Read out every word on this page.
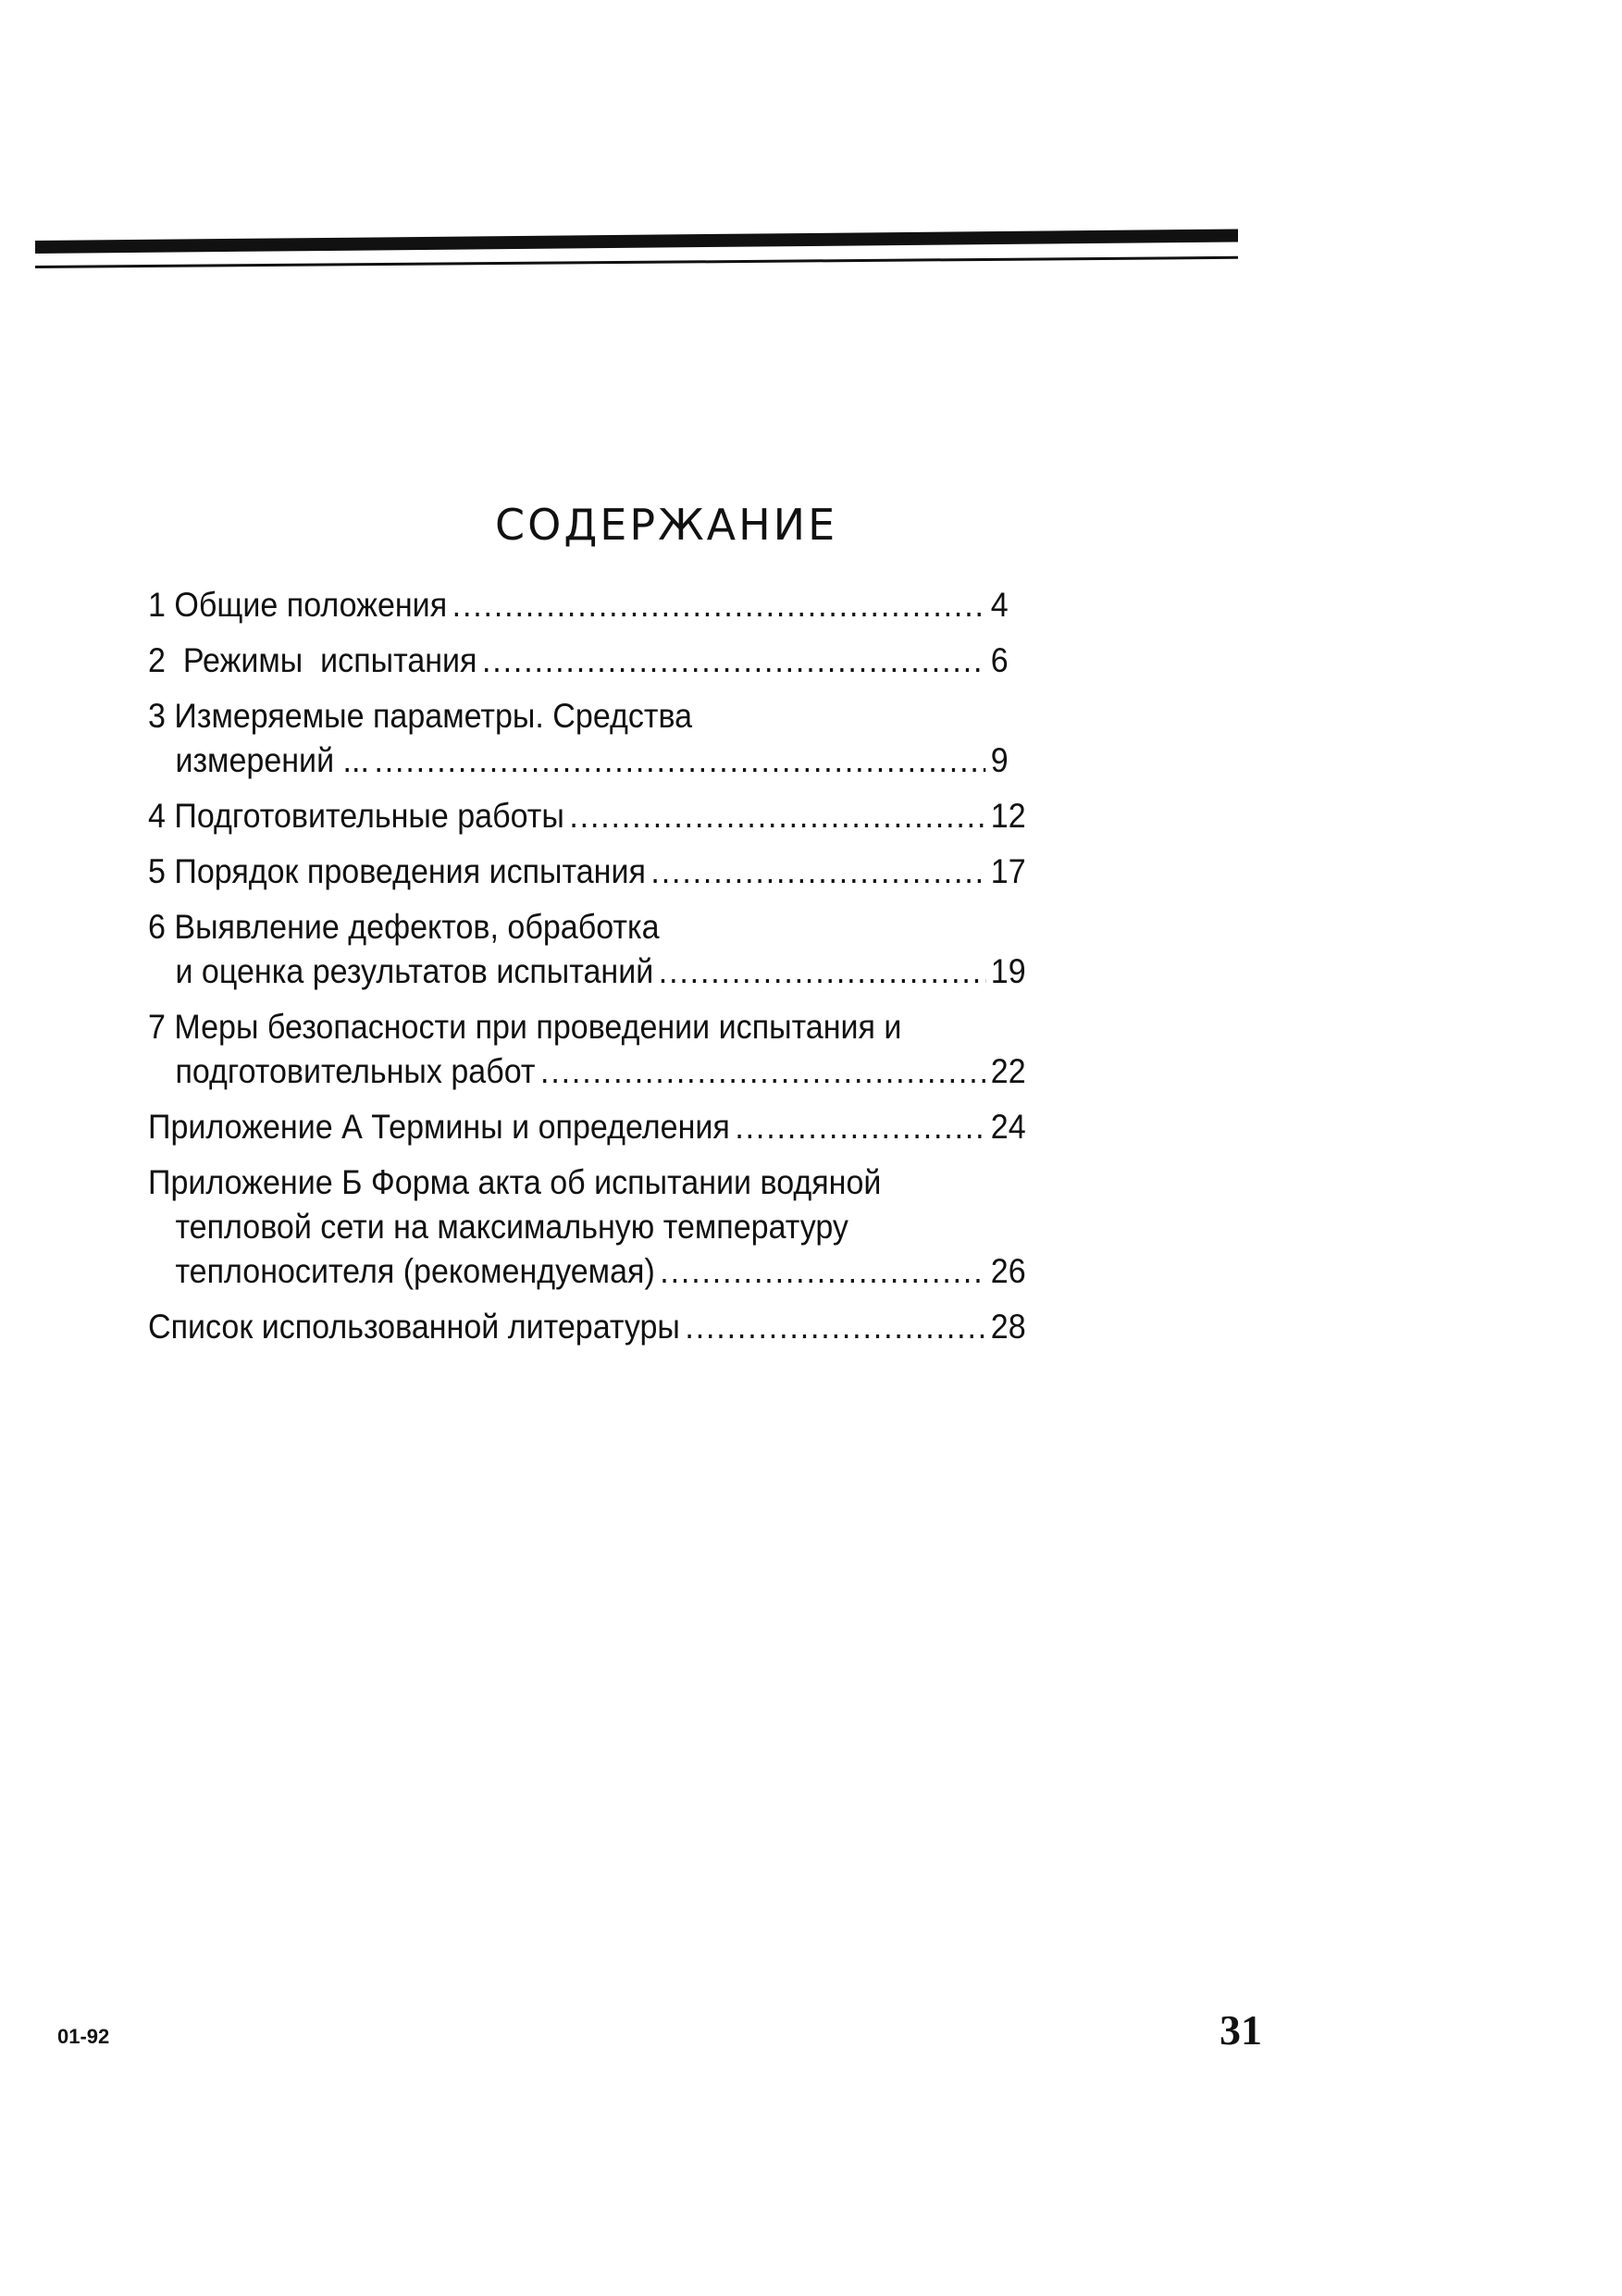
СОДЕРЖАНИЕ
1 Общие положения .....	4
2  Режимы  испытания .....	6
3 Измеряемые параметры. Средства
измерений ... .....	9
4 Подготовительные работы .....	12
5 Порядок проведения испытания .....	17
6 Выявление дефектов, обработка
и оценка результатов испытаний .....	19
7 Меры безопасности при проведении испытания и
подготовительных работ .....	22
Приложение А Термины и определения .....	24
Приложение Б Форма акта об испытании водяной
тепловой сети на максимальную температуру
теплоносителя (рекомендуемая) .....	26
Список использованной литературы .....	28
01-92	31
